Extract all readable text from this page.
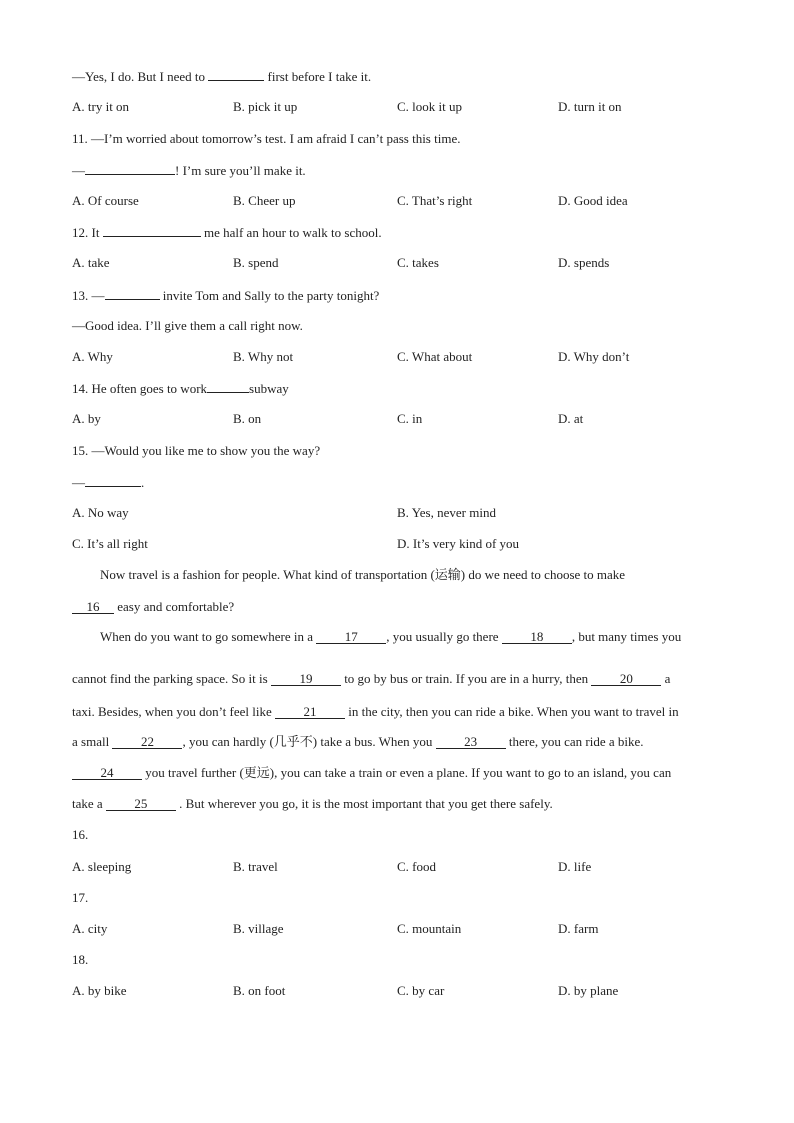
—Yes, I do. But I need to	first before I take it.
A. try it on	B. pick it up	C. look it up	D. turn it on
11. —I’m worried about tomorrow’s test. I am afraid I can’t pass this time.
—	! I’m sure you’ll make it.
A. Of course	B. Cheer up	C. That’s right	D. Good idea
12. It	me half an hour to walk to school.
A. take	B. spend	C. takes	D. spends
13. —	invite Tom and Sally to the party tonight?
—Good idea. I’ll give them a call right now.
A. Why	B. Why not	C. What about	D. Why don’t
14. He often goes to work	subway
A. by	B. on	C. in	D. at
15. —Would you like me to show you the way?
—	.
A. No way	B. Yes, never mind
C. It’s all right	D. It’s very kind of you
Now travel is a fashion for people. What kind of transportation (运输) do we need to choose to make
16 easy and comfortable?
When do you want to go somewhere in a 17 , you usually go there 18 , but many times you
cannot find the parking space. So it is 19 to go by bus or train. If you are in a hurry, then 20 a
taxi. Besides, when you don’t feel like 21 in the city, then you can ride a bike. When you want to travel in
a small 22 , you can hardly (几乎不) take a bus. When you 23 there, you can ride a bike.
24 you travel further (更远), you can take a train or even a plane. If you want to go to an island, you can
take a 25 . But wherever you go, it is the most important that you get there safely.
16.
A. sleeping	B. travel	C. food	D. life
17.
A. city	B. village	C. mountain	D. farm
18.
A. by bike	B. on foot	C. by car	D. by plane
